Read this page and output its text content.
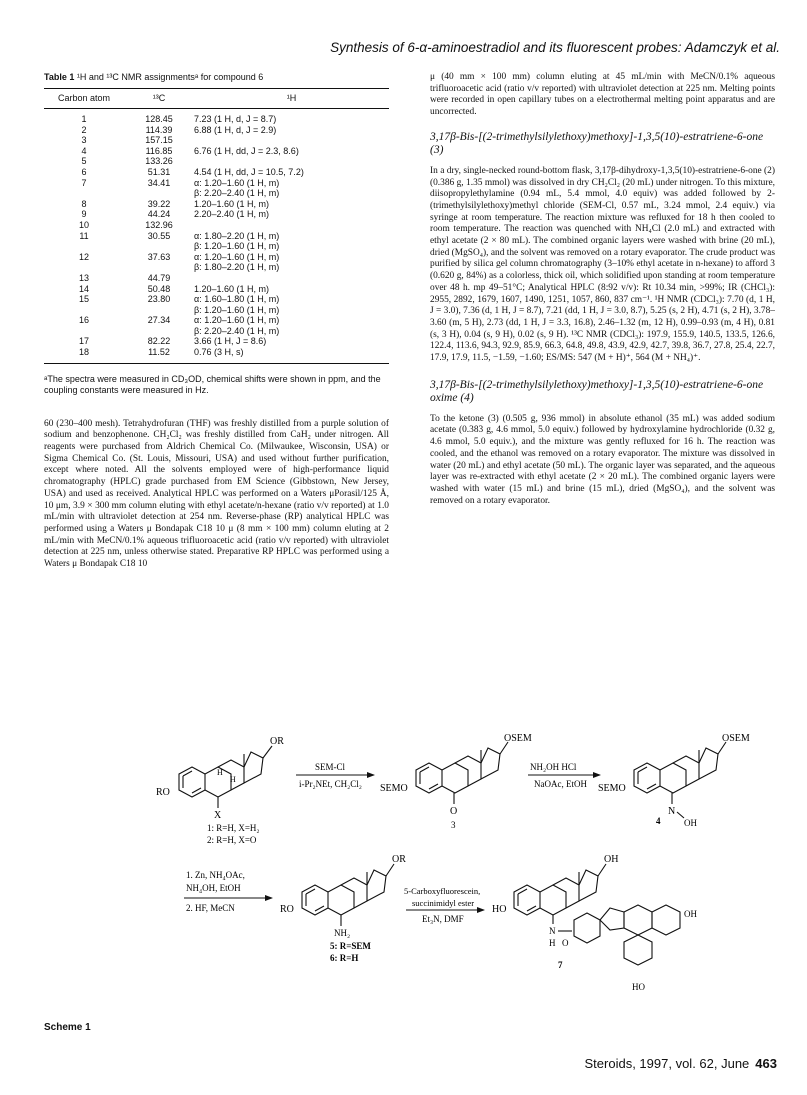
Synthesis of 6-α-aminoestradiol and its fluorescent probes: Adamczyk et al.
Table 1 ¹H and ¹³C NMR assignmentsᵃ for compound 6
Carbon atom	¹³C	¹H
1	128.45	7.23 (1 H, d, J = 8.7)

2	114.39	6.88 (1 H, d, J = 2.9)

3	157.15	
4	116.85	6.76 (1 H, dd, J = 2.3, 8.6)

5	133.26	
6	51.31	4.54 (1 H, dd, J = 10.5, 7.2)

7	34.41	α: 1.20–1.60 (1 H, m)
β: 2.20–2.40 (1 H, m)

8	39.22	1.20–1.60 (1 H, m)

9	44.24	2.20–2.40 (1 H, m)

10	132.96	
11	30.55	α: 1.80–2.20 (1 H, m)
β: 1.20–1.60 (1 H, m)

12	37.63	α: 1.20–1.60 (1 H, m)
β: 1.80–2.20 (1 H, m)

13	44.79	
14	50.48	1.20–1.60 (1 H, m)

15	23.80	α: 1.60–1.80 (1 H, m)
β: 1.20–1.60 (1 H, m)

16	27.34	α: 1.20–1.60 (1 H, m)
β: 2.20–2.40 (1 H, m)

17	82.22	3.66 (1 H, J = 8.6)

18	11.52	0.76 (3 H, s)
ᵃThe spectra were measured in CD₃OD, chemical shifts were shown in ppm, and the coupling constants were measured in Hz.

60 (230–400 mesh). Tetrahydrofuran (THF) was freshly distilled from a purple solution of sodium and benzophenone. CH₂Cl₂ was freshly distilled from CaH₂ under nitrogen. All reagents were purchased from Aldrich Chemical Co. (Milwaukee, Wisconsin, USA) or Sigma Chemical Co. (St. Louis, Missouri, USA) and used without further purification, except where noted. All the solvents employed were of high-performance liquid chromatography (HPLC) grade purchased from EM Science (Gibbstown, New Jersey, USA) and used as received. Analytical HPLC was performed on a Waters μPorasil/125 Å, 10 μm, 3.9 × 300 mm column eluting with ethyl acetate/n-hexane (ratio v/v reported) at 1.0 mL/min with ultraviolet detection at 254 nm. Reverse-phase (RP) analytical HPLC was performed using a Waters μ Bondapak C18 10 μ (8 mm × 100 mm) column eluting at 2 mL/min with MeCN/0.1% aqueous trifluoroacetic acid (ratio v/v reported) with ultraviolet detection at 225 nm, unless otherwise stated. Preparative RP HPLC was performed using a Waters μ Bondapak C18 10

μ (40 mm × 100 mm) column eluting at 45 mL/min with MeCN/0.1% aqueous trifluoroacetic acid (ratio v/v reported) with ultraviolet detection at 225 nm. Melting points were recorded in open capillary tubes on a electrothermal melting point apparatus and are uncorrected.

3,17β-Bis-[(2-trimethylsilylethoxy)methoxy]-1,3,5(10)-estratriene-6-one (3)

In a dry, single-necked round-bottom flask, 3,17β-dihydroxy-1,3,5(10)-estratriene-6-one (2) (0.386 g, 1.35 mmol) was dissolved in dry CH₂Cl₂ (20 mL) under nitrogen. To this mixture, diisopropylethylamine (0.94 mL, 5.4 mmol, 4.0 equiv) was added followed by 2-(trimethylsilylethoxy)methyl chloride (SEM-Cl, 0.57 mL, 3.24 mmol, 2.4 equiv.) via syringe at room temperature. The reaction mixture was refluxed for 18 h then cooled to room temperature. The reaction was quenched with NH₄Cl (2.0 mL) and extracted with ethyl acetate (2 × 80 mL). The combined organic layers were washed with brine (20 mL), dried (MgSO₄), and the solvent was removed on a rotary evaporator. The crude product was purified by silica gel column chromatography (3–10% ethyl acetate in n-hexane) to afford 3 (0.620 g, 84%) as a colorless, thick oil, which solidified upon standing at room temperature over 48 h. mp 49–51°C; Analytical HPLC (8:92 v/v): Rt 10.34 min, >99%; IR (CHCl₃): 2955, 2892, 1679, 1607, 1490, 1251, 1057, 860, 837 cm⁻¹. ¹H NMR (CDCl₃): 7.70 (d, 1 H, J = 3.0), 7.36 (d, 1 H, J = 8.7), 7.21 (dd, 1 H, J = 3.0, 8.7), 5.25 (s, 2 H), 4.71 (s, 2 H), 3.78–3.60 (m, 5 H), 2.73 (dd, 1 H, J = 3.3, 16.8), 2.46–1.32 (m, 12 H), 0.99–0.93 (m, 4 H), 0.81 (s, 3 H), 0.04 (s, 9 H), 0.02 (s, 9 H). ¹³C NMR (CDCl₃): 197.9, 155.9, 140.5, 133.5, 126.6, 122.4, 113.6, 94.3, 92.9, 85.9, 66.3, 64.8, 49.8, 43.9, 42.9, 42.7, 39.8, 36.7, 27.8, 25.4, 22.7, 17.9, 17.9, 11.5, −1.59, −1.60; ES/MS: 547 (M + H)⁺, 564 (M + NH₄)⁺.

3,17β-Bis-[(2-trimethylsilylethoxy)methoxy]-1,3,5(10)-estratriene-6-one oxime (4)

To the ketone (3) (0.505 g, 936 mmol) in absolute ethanol (35 mL) was added sodium acetate (0.383 g, 4.6 mmol, 5.0 equiv.) followed by hydroxylamine hydrochloride (0.32 g, 4.6 mmol, 5.0 equiv.), and the mixture was gently refluxed for 16 h. The reaction was cooled, and the ethanol was removed on a rotary evaporator. The mixture was dissolved in water (20 mL) and ethyl acetate (50 mL). The organic layer was separated, and the aqueous layer was re-extracted with ethyl acetate (2 × 20 mL). The combined organic layers were washed with water (15 mL) and brine (15 mL), dried (MgSO₄), and the solvent was removed on a rotary evaporator.

OR
RO
X
H
H
1: R=H, X=H₂
2: R=H, X=O
SEM-Cl
i-Pr₂NEt, CH₂Cl₂
OSEM
SEMO
O
3
NH₂OH HCl
NaOAc, EtOH
OSEM
SEMO
N
OH
4
1. Zn, NH₄OAc,
NH₄OH, EtOH
2. HF, MeCN
OR
RO
NH₂
5: R=SEM
6: R=H
5-Carboxyfluorescein,
succinimidyl ester
Et₃N, DMF
OH
HO
N
H O
OH
HO
7
Scheme 1
Steroids, 1997, vol. 62, June 463
